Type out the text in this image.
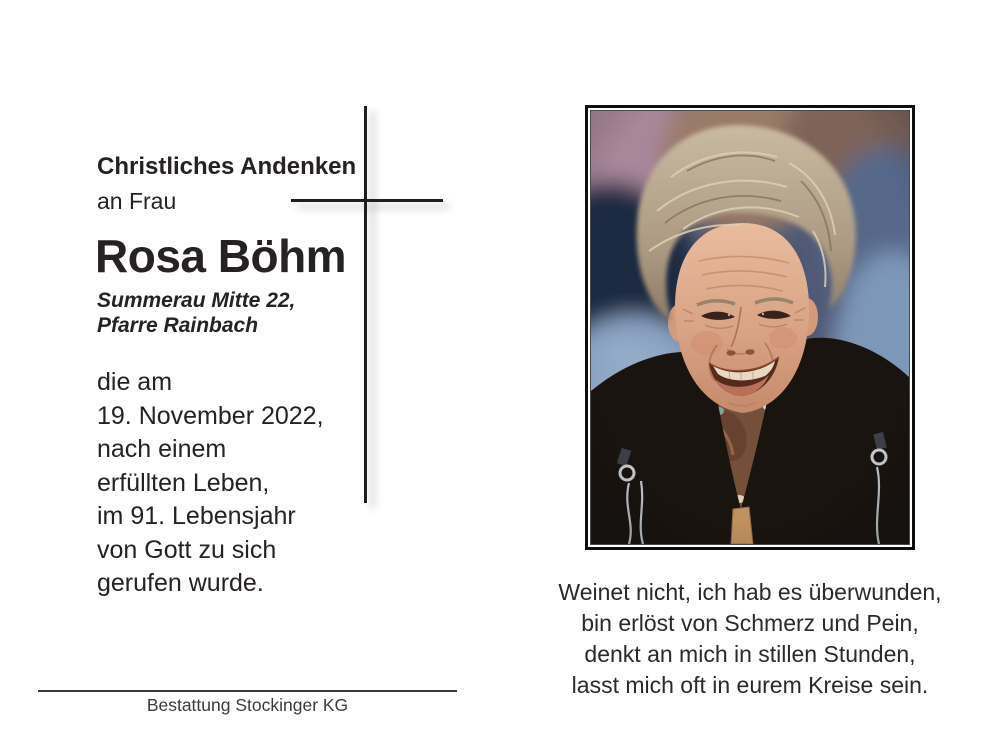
Christliches Andenken
an Frau
Rosa Böhm
Summerau Mitte 22,
Pfarre Rainbach
die am
19. November 2022,
nach einem
erfüllten Leben,
im 91. Lebensjahr
von Gott zu sich
gerufen wurde.	Weinet nicht, ich hab es überwunden,
bin erlöst von Schmerz und Pein,
denkt an mich in stillen Stunden,
lasst mich oft in eurem Kreise sein.
Bestattung Stockinger KG
